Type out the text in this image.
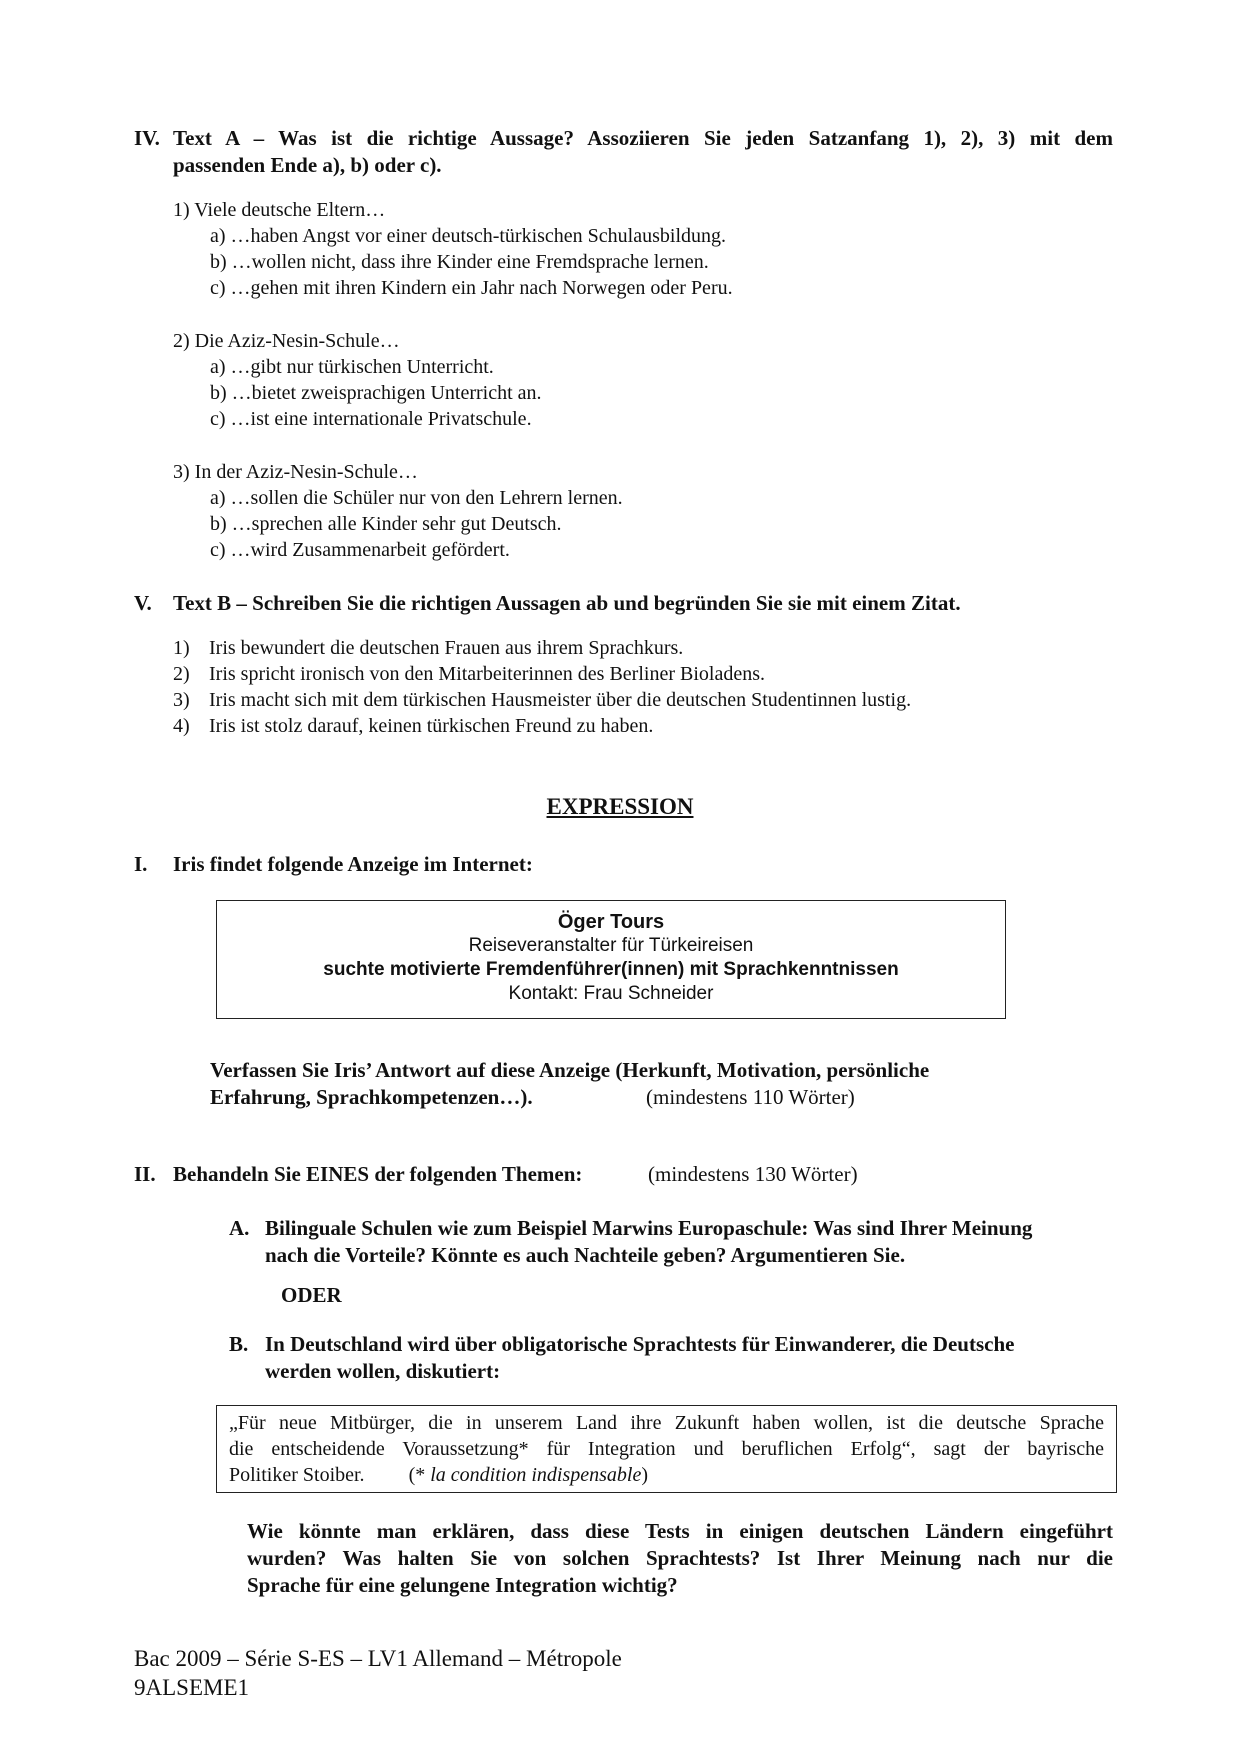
IV. Text A – Was ist die richtige Aussage? Assoziieren Sie jeden Satzanfang 1), 2), 3) mit dem
passenden Ende a), b) oder c).
1) Viele deutsche Eltern…
a) …haben Angst vor einer deutsch-türkischen Schulausbildung.
b) …wollen nicht, dass ihre Kinder eine Fremdsprache lernen.
c) …gehen mit ihren Kindern ein Jahr nach Norwegen oder Peru.
2) Die Aziz-Nesin-Schule…
a) …gibt nur türkischen Unterricht.
b) …bietet zweisprachigen Unterricht an.
c) …ist eine internationale Privatschule.
3) In der Aziz-Nesin-Schule…
a) …sollen die Schüler nur von den Lehrern lernen.
b) …sprechen alle Kinder sehr gut Deutsch.
c) …wird Zusammenarbeit gefördert.
V. Text B – Schreiben Sie die richtigen Aussagen ab und begründen Sie sie mit einem Zitat.
1) Iris bewundert die deutschen Frauen aus ihrem Sprachkurs.
2) Iris spricht ironisch von den Mitarbeiterinnen des Berliner Bioladens.
3) Iris macht sich mit dem türkischen Hausmeister über die deutschen Studentinnen lustig.
4) Iris ist stolz darauf, keinen türkischen Freund zu haben.
EXPRESSION
I. Iris findet folgende Anzeige im Internet:
Öger Tours
Reiseveranstalter für Türkeireisen
suchte motivierte Fremdenführer(innen) mit Sprachkenntnissen
Kontakt: Frau Schneider
Verfassen Sie Iris’ Antwort auf diese Anzeige (Herkunft, Motivation, persönliche
Erfahrung, Sprachkompetenzen…).	(mindestens 110 Wörter)
II. Behandeln Sie EINES der folgenden Themen:	(mindestens 130 Wörter)
A. Bilinguale Schulen wie zum Beispiel Marwins Europaschule: Was sind Ihrer Meinung
nach die Vorteile? Könnte es auch Nachteile geben? Argumentieren Sie.
ODER
B. In Deutschland wird über obligatorische Sprachtests für Einwanderer, die Deutsche
werden wollen, diskutiert:
„Für neue Mitbürger, die in unserem Land ihre Zukunft haben wollen, ist die deutsche Sprache
die entscheidende Voraussetzung* für Integration und beruflichen Erfolg“, sagt der bayrische
Politiker Stoiber. (* la condition indispensable)
Wie könnte man erklären, dass diese Tests in einigen deutschen Ländern eingeführt
wurden? Was halten Sie von solchen Sprachtests? Ist Ihrer Meinung nach nur die
Sprache für eine gelungene Integration wichtig?
Bac 2009 – Série S-ES – LV1 Allemand – Métropole
9ALSEME1
